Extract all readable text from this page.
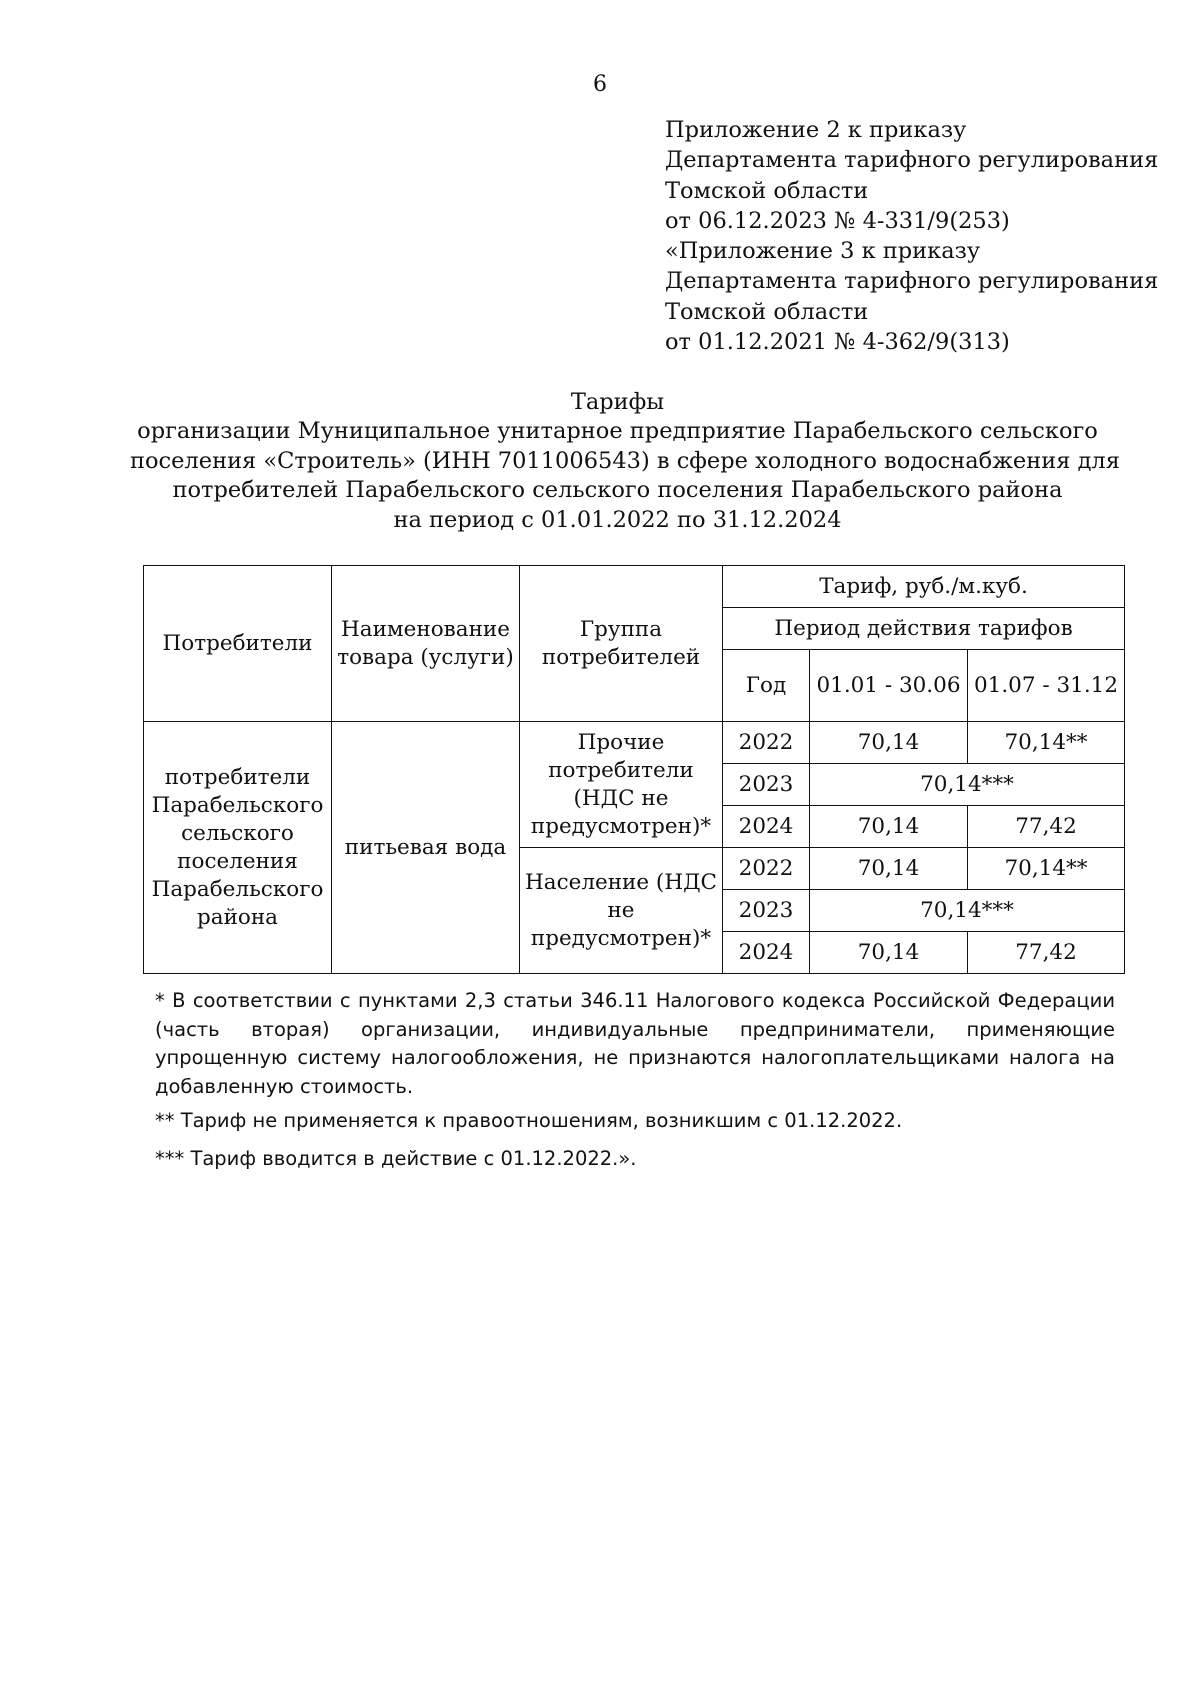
6
Приложение 2 к приказу
Департамента тарифного регулирования
Томской области
от 06.12.2023 № 4-331/9(253)
«Приложение 3 к приказу
Департамента тарифного регулирования
Томской области
от 01.12.2021 № 4-362/9(313)
Тарифы
организации Муниципальное унитарное предприятие Парабельского сельского
поселения «Строитель» (ИНН 7011006543) в сфере холодного водоснабжения для
потребителей Парабельского сельского поселения Парабельского района
на период с 01.01.2022 по 31.12.2024
Потребители	Наименование товара (услуги)	Группа потребителей	Тариф, руб./м.куб.		
			Период действия тарифов		
			Год	01.01 - 30.06	01.07 - 31.12
потребители Парабельского сельского поселения Парабельского района	питьевая вода	Прочие потребители (НДС не предусмотрен)*	2022	70,14	70,14**
			2023	70,14***	
			2024	70,14	77,42
		Население (НДС не предусмотрен)*	2022	70,14	70,14**
			2023	70,14***	
			2024	70,14	77,42

* В соответствии с пунктами 2,3 статьи 346.11 Налогового кодекса Российской Федерации (часть вторая) организации, индивидуальные предприниматели, применяющие упрощенную систему налогообложения, не признаются налогоплательщиками налога на добавленную стоимость.

** Тариф не применяется к правоотношениям, возникшим с 01.12.2022.

*** Тариф вводится в действие с 01.12.2022.».
